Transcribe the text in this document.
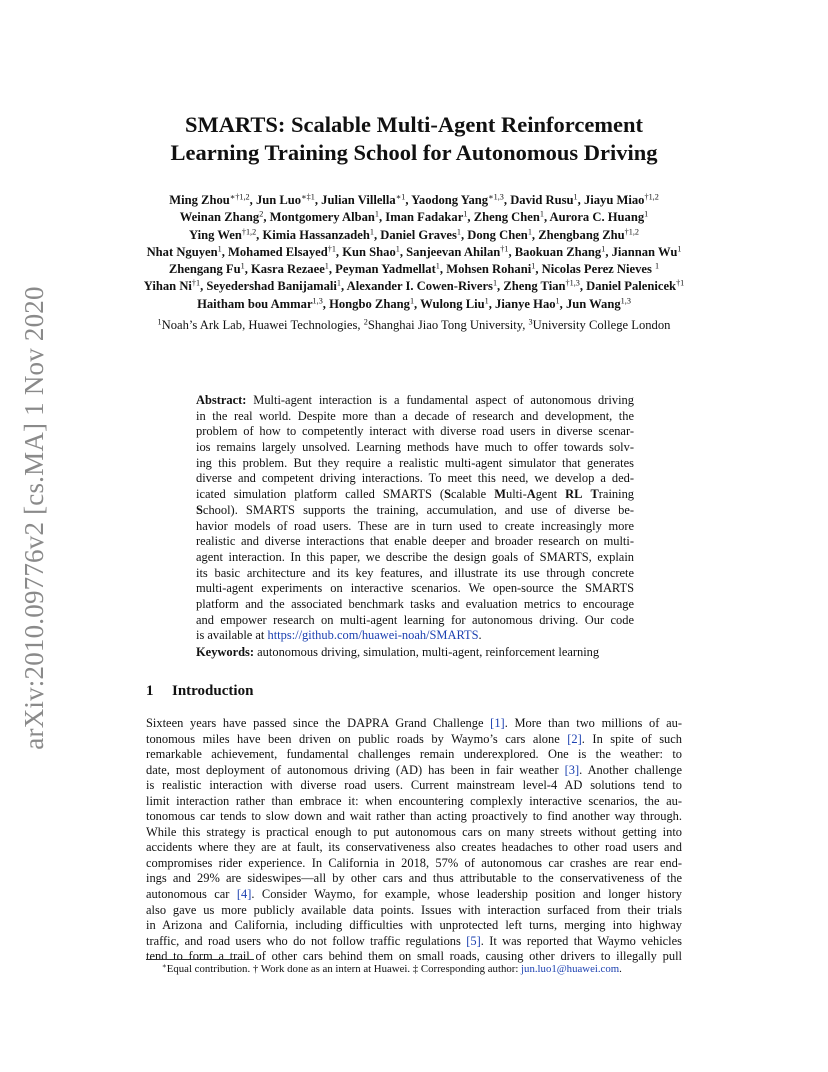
arXiv:2010.09776v2 [cs.MA] 1 Nov 2020
SMARTS: Scalable Multi-Agent Reinforcement
Learning Training School for Autonomous Driving
Ming Zhou$^{∗\dagger 1,2}$, Jun Luo$^{∗\ddagger 1}$, Julian Villella$^{∗1}$, Yaodong Yang$^{∗1,3}$, David Rusu$^1$, Jiayu Miao$^{\dagger 1,2}$
Weinan Zhang$^2$, Montgomery Alban$^1$, Iman Fadakar$^1$, Zheng Chen$^1$, Aurora C. Huang$^1$
Ying Wen$^{\dagger 1,2}$, Kimia Hassanzadeh$^1$, Daniel Graves$^1$, Dong Chen$^1$, Zhengbang Zhu$^{\dagger 1,2}$
Nhat Nguyen$^1$, Mohamed Elsayed$^{\dagger 1}$, Kun Shao$^1$, Sanjeevan Ahilan$^{\dagger 1}$, Baokuan Zhang$^1$, Jiannan Wu$^1$
Zhengang Fu$^1$, Kasra Rezaee$^1$, Peyman Yadmellat$^1$, Mohsen Rohani$^1$, Nicolas Perez Nieves $^1$
Yihan Ni$^{\dagger 1}$, Seyedershad Banijamali$^1$, Alexander I. Cowen-Rivers$^1$, Zheng Tian$^{\dagger 1,3}$, Daniel Palenicek$^{\dagger 1}$
Haitham bou Ammar$^{1,3}$, Hongbo Zhang$^1$, Wulong Liu$^1$, Jianye Hao$^1$, Jun Wang$^{1,3}$
$^1$Noah’s Ark Lab, Huawei Technologies, $^2$Shanghai Jiao Tong University, $^3$University College London
Abstract: Multi-agent interaction is a fundamental aspect of autonomous driving
in the real world. Despite more than a decade of research and development, the
problem of how to competently interact with diverse road users in diverse scenar-
ios remains largely unsolved. Learning methods have much to offer towards solv-
ing this problem. But they require a realistic multi-agent simulator that generates
diverse and competent driving interactions. To meet this need, we develop a ded-
icated simulation platform called SMARTS (Scalable Multi-Agent RL Training
School). SMARTS supports the training, accumulation, and use of diverse be-
havior models of road users. These are in turn used to create increasingly more
realistic and diverse interactions that enable deeper and broader research on multi-
agent interaction. In this paper, we describe the design goals of SMARTS, explain
its basic architecture and its key features, and illustrate its use through concrete
multi-agent experiments on interactive scenarios. We open-source the SMARTS
platform and the associated benchmark tasks and evaluation metrics to encourage
and empower research on multi-agent learning for autonomous driving. Our code
is available at https://github.com/huawei-noah/SMARTS.
Keywords: autonomous driving, simulation, multi-agent, reinforcement learning
1 Introduction
Sixteen years have passed since the DAPRA Grand Challenge [1]. More than two millions of au-
tonomous miles have been driven on public roads by Waymo’s cars alone [2]. In spite of such
remarkable achievement, fundamental challenges remain underexplored. One is the weather: to
date, most deployment of autonomous driving (AD) has been in fair weather [3]. Another challenge
is realistic interaction with diverse road users. Current mainstream level-4 AD solutions tend to
limit interaction rather than embrace it: when encountering complexly interactive scenarios, the au-
tonomous car tends to slow down and wait rather than acting proactively to find another way through.
While this strategy is practical enough to put autonomous cars on many streets without getting into
accidents where they are at fault, its conservativeness also creates headaches to other road users and
compromises rider experience. In California in 2018, 57% of autonomous car crashes are rear end-
ings and 29% are sideswipes—all by other cars and thus attributable to the conservativeness of the
autonomous car [4]. Consider Waymo, for example, whose leadership position and longer history
also gave us more publicly available data points. Issues with interaction surfaced from their trials
in Arizona and California, including difficulties with unprotected left turns, merging into highway
traffic, and road users who do not follow traffic regulations [5]. It was reported that Waymo vehicles
tend to form a trail of other cars behind them on small roads, causing other drivers to illegally pull
∗Equal contribution. † Work done as an intern at Huawei. ‡ Corresponding author: jun.luo1@huawei.com.
